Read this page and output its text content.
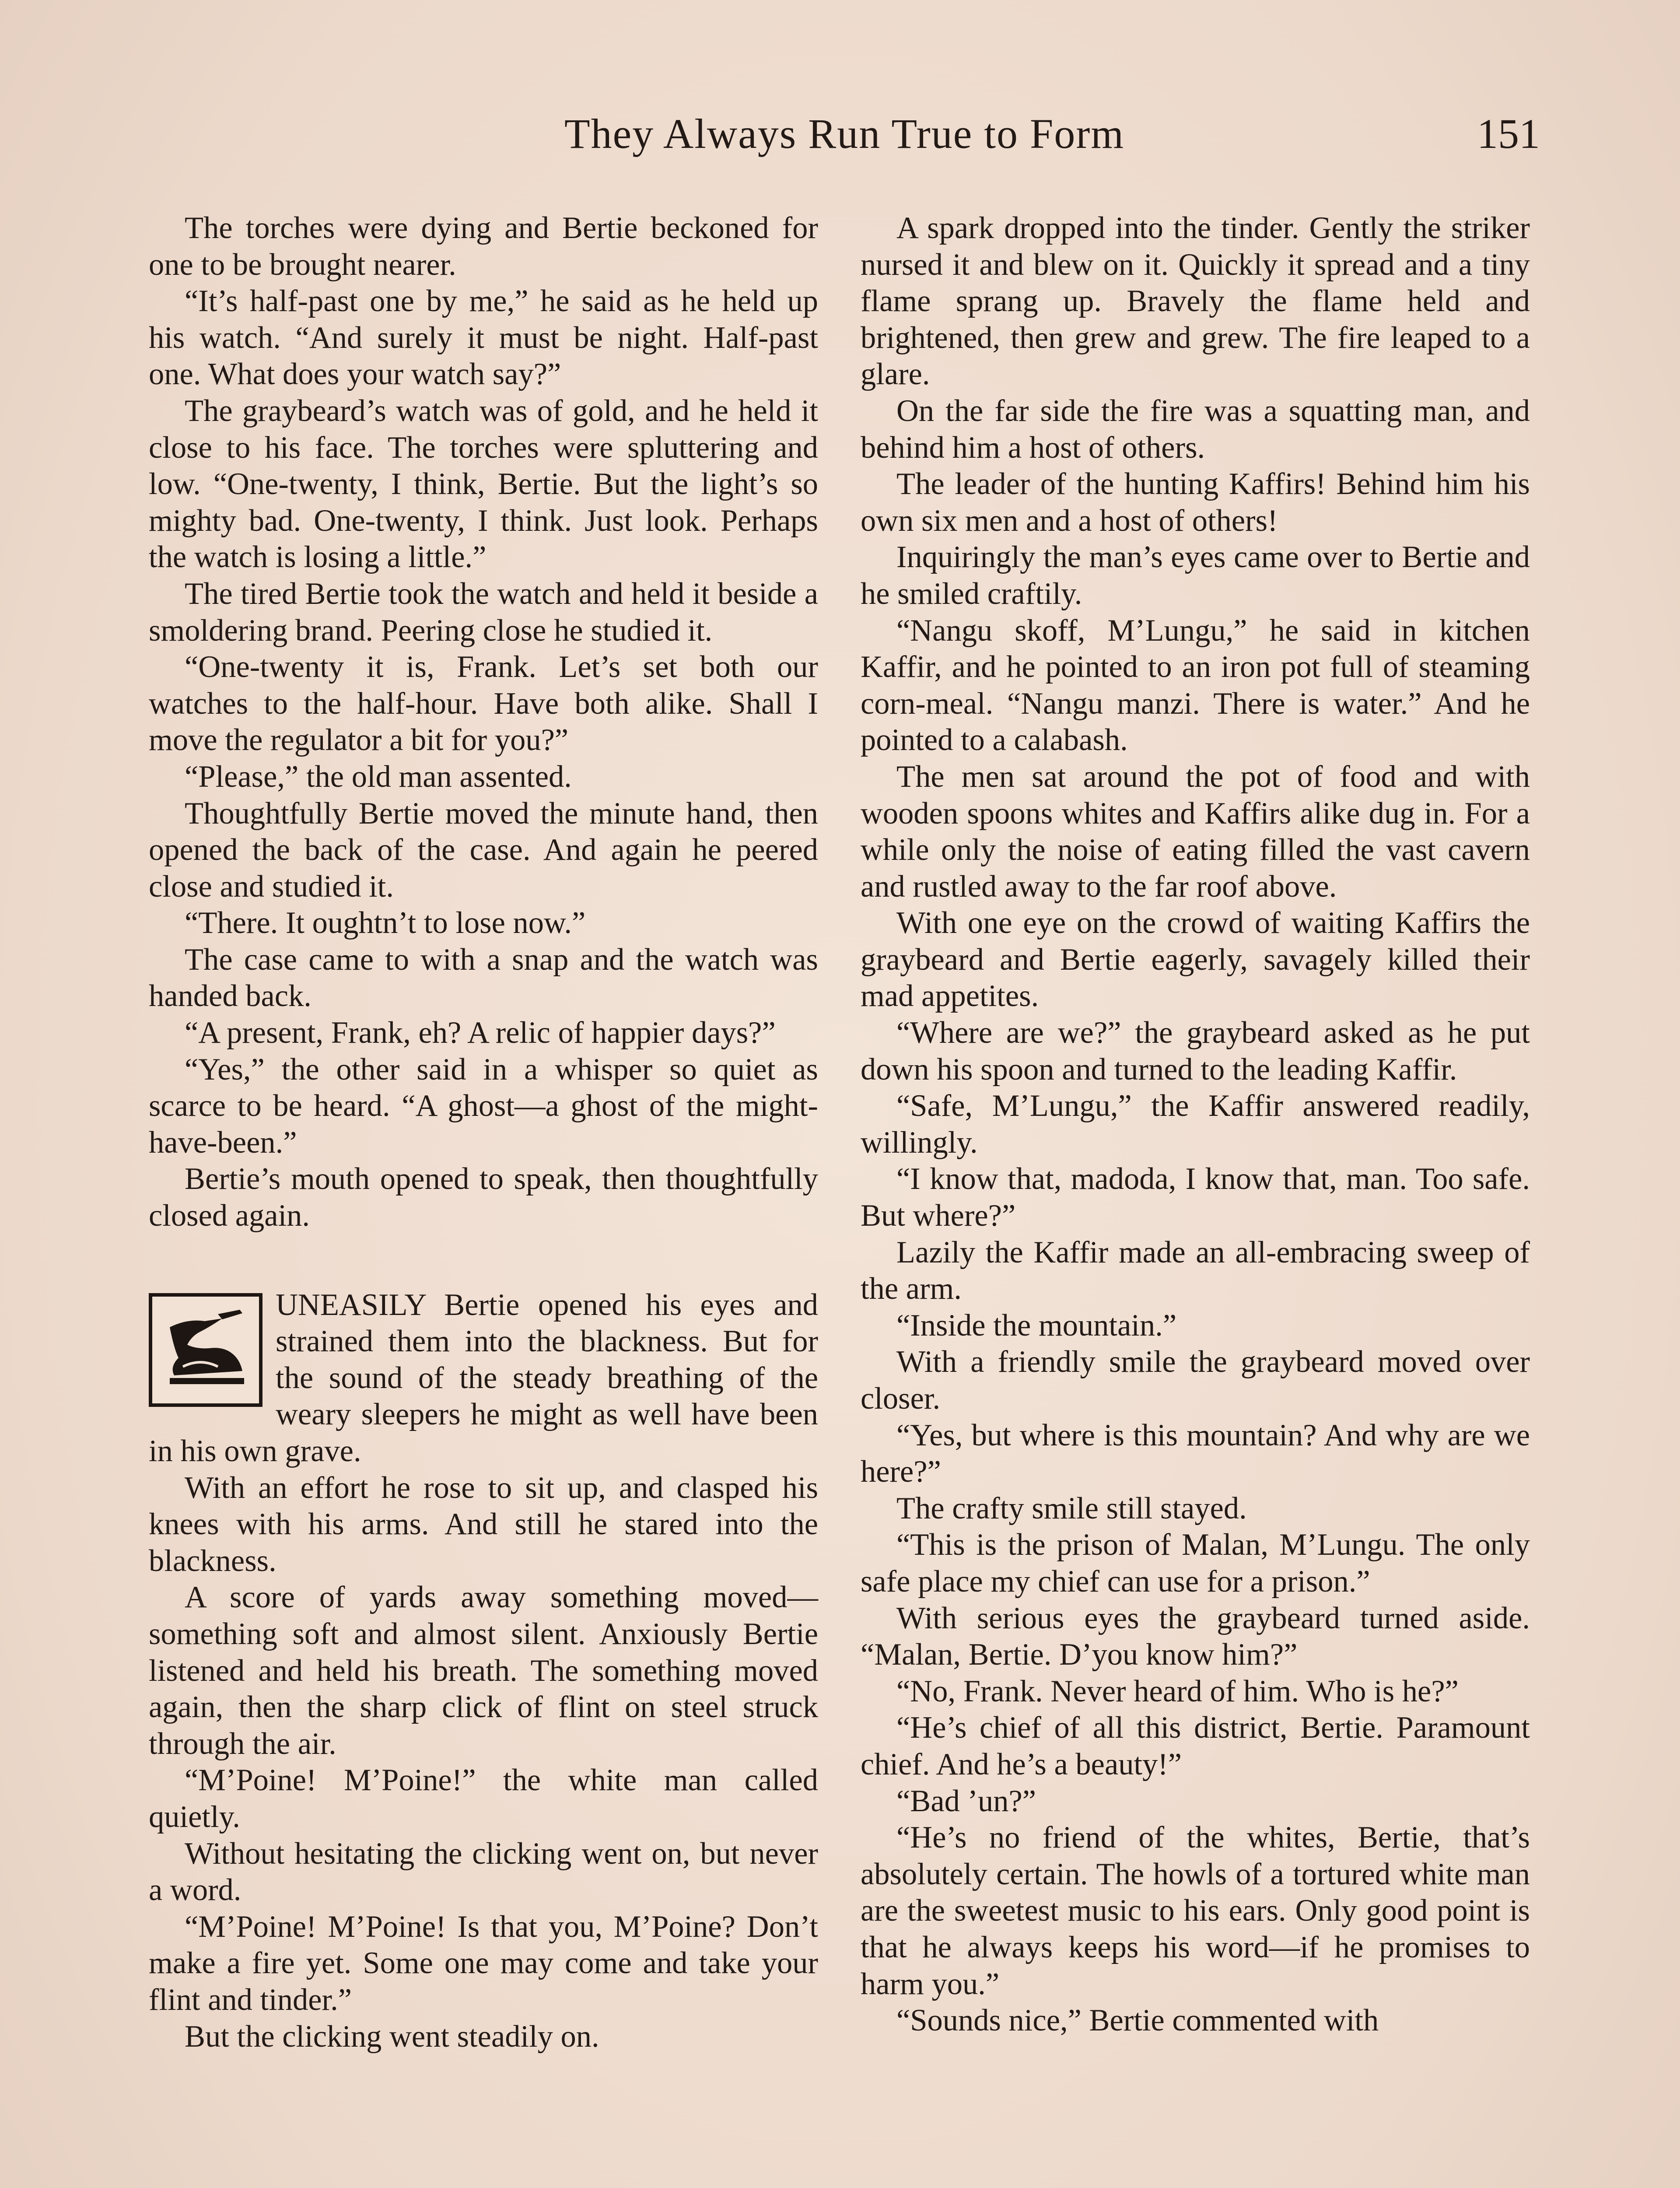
They Always Run True to Form	151

The torches were dying and Bertie beckoned for one to be brought nearer.

“It’s half-past one by me,” he said as he held up his watch. “And surely it must be night. Half-past one. What does your watch say?”

The graybeard’s watch was of gold, and he held it close to his face. The torches were spluttering and low. “One-twenty, I think, Bertie. But the light’s so mighty bad. One-twenty, I think. Just look. Perhaps the watch is losing a little.”

The tired Bertie took the watch and held it beside a smoldering brand. Peering close he studied it.

“One-twenty it is, Frank. Let’s set both our watches to the half-hour. Have both alike. Shall I move the regulator a bit for you?”

“Please,” the old man assented.

Thoughtfully Bertie moved the minute hand, then opened the back of the case. And again he peered close and studied it.

“There. It oughtn’t to lose now.”

The case came to with a snap and the watch was handed back.

“A present, Frank, eh? A relic of happier days?”

“Yes,” the other said in a whisper so quiet as scarce to be heard. “A ghost—a ghost of the might-have-been.”

Bertie’s mouth opened to speak, then thoughtfully closed again.

UNEASILY Bertie opened his eyes and strained them into the blackness. But for the sound of the steady breathing of the weary sleepers he might as well have been in his own grave.

With an effort he rose to sit up, and clasped his knees with his arms. And still he stared into the blackness.

A score of yards away something moved—something soft and almost silent. Anxiously Bertie listened and held his breath. The something moved again, then the sharp click of flint on steel struck through the air.

“M’Poine! M’Poine!” the white man called quietly.

Without hesitating the clicking went on, but never a word.

“M’Poine! M’Poine! Is that you, M’Poine? Don’t make a fire yet. Some one may come and take your flint and tinder.”

But the clicking went steadily on.

A spark dropped into the tinder. Gently the striker nursed it and blew on it. Quickly it spread and a tiny flame sprang up. Bravely the flame held and brightened, then grew and grew. The fire leaped to a glare.

On the far side the fire was a squatting man, and behind him a host of others.

The leader of the hunting Kaffirs! Behind him his own six men and a host of others!

Inquiringly the man’s eyes came over to Bertie and he smiled craftily.

“Nangu skoff, M’Lungu,” he said in kitchen Kaffir, and he pointed to an iron pot full of steaming corn-meal. “Nangu manzi. There is water.” And he pointed to a calabash.

The men sat around the pot of food and with wooden spoons whites and Kaffirs alike dug in. For a while only the noise of eating filled the vast cavern and rustled away to the far roof above.

With one eye on the crowd of waiting Kaffirs the graybeard and Bertie eagerly, savagely killed their mad appetites.

“Where are we?” the graybeard asked as he put down his spoon and turned to the leading Kaffir.

“Safe, M’Lungu,” the Kaffir answered readily, willingly.

“I know that, madoda, I know that, man. Too safe. But where?”

Lazily the Kaffir made an all-embracing sweep of the arm.

“Inside the mountain.”

With a friendly smile the graybeard moved over closer.

“Yes, but where is this mountain? And why are we here?”

The crafty smile still stayed.

“This is the prison of Malan, M’Lungu. The only safe place my chief can use for a prison.”

With serious eyes the graybeard turned aside. “Malan, Bertie. D’you know him?”

“No, Frank. Never heard of him. Who is he?”

“He’s chief of all this district, Bertie. Paramount chief. And he’s a beauty!”

“Bad ’un?”

“He’s no friend of the whites, Bertie, that’s absolutely certain. The howls of a tortured white man are the sweetest music to his ears. Only good point is that he always keeps his word—if he promises to harm you.”

“Sounds nice,” Bertie commented with
